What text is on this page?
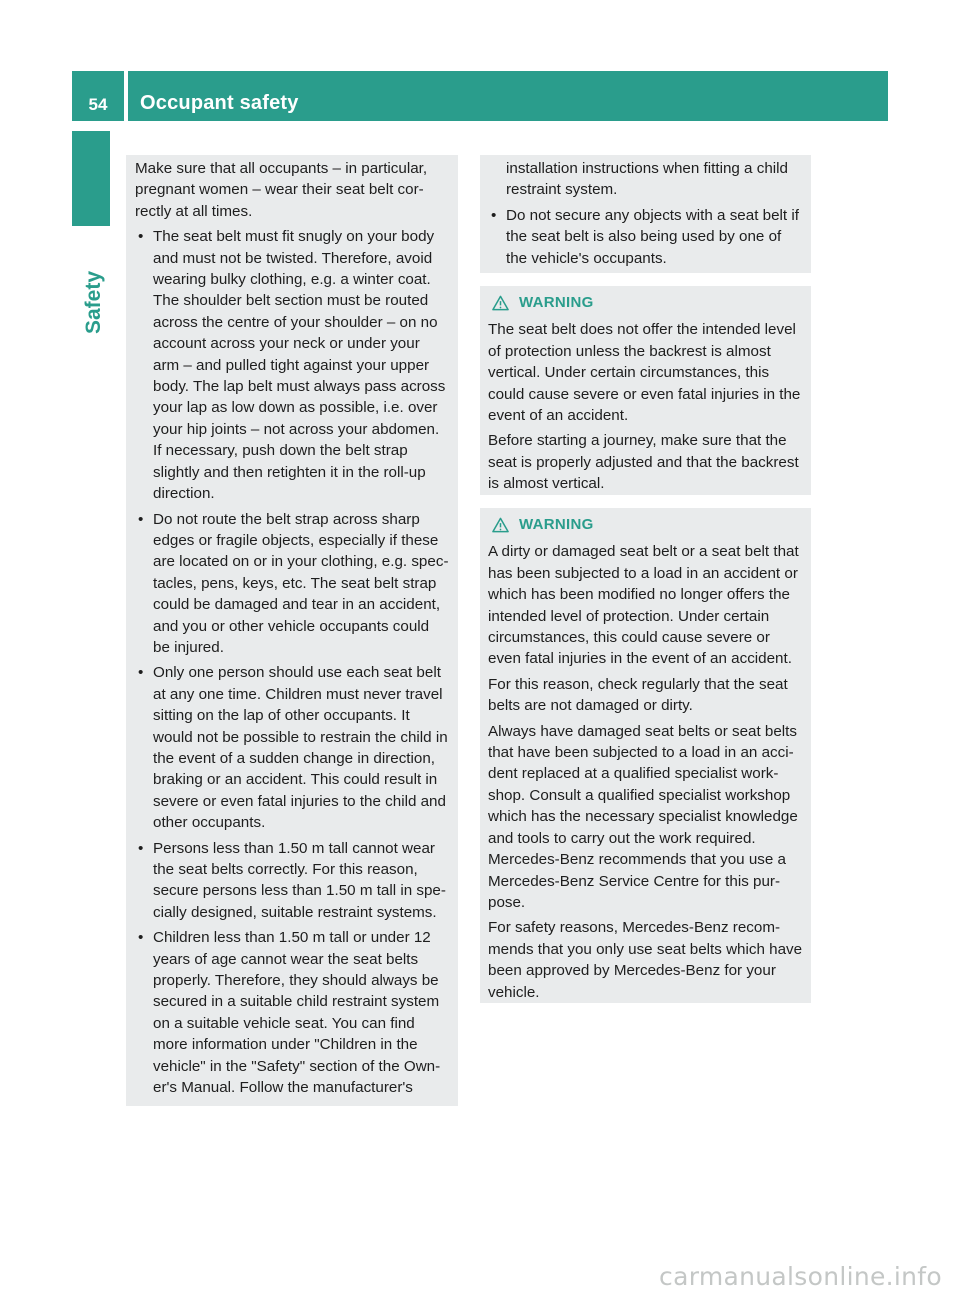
54	Occupant safety
Safety

Make sure that all occupants – in particular, pregnant women – wear their seat belt correctly at all times.

• The seat belt must fit snugly on your body and must not be twisted. Therefore, avoid wearing bulky clothing, e.g. a winter coat. The shoulder belt section must be routed across the centre of your shoulder – on no account across your neck or under your arm – and pulled tight against your upper body. The lap belt must always pass across your lap as low down as possible, i.e. over your hip joints – not across your abdomen. If necessary, push down the belt strap slightly and then retighten it in the roll-up direction.
• Do not route the belt strap across sharp edges or fragile objects, especially if these are located on or in your clothing, e.g. spectacles, pens, keys, etc. The seat belt strap could be damaged and tear in an accident, and you or other vehicle occupants could be injured.
• Only one person should use each seat belt at any one time. Children must never travel sitting on the lap of other occupants. It would not be possible to restrain the child in the event of a sudden change in direction, braking or an accident. This could result in severe or even fatal injuries to the child and other occupants.
• Persons less than 1.50 m tall cannot wear the seat belts correctly. For this reason, secure persons less than 1.50 m tall in specially designed, suitable restraint systems.
• Children less than 1.50 m tall or under 12 years of age cannot wear the seat belts properly. Therefore, they should always be secured in a suitable child restraint system on a suitable vehicle seat. You can find more information under "Children in the vehicle" in the "Safety" section of the Owner's Manual. Follow the manufacturer's
installation instructions when fitting a child restraint system.
• Do not secure any objects with a seat belt if the seat belt is also being used by one of the vehicle's occupants.
WARNING

The seat belt does not offer the intended level of protection unless the backrest is almost vertical. Under certain circumstances, this could cause severe or even fatal injuries in the event of an accident.

Before starting a journey, make sure that the seat is properly adjusted and that the backrest is almost vertical.

WARNING

A dirty or damaged seat belt or a seat belt that has been subjected to a load in an accident or which has been modified no longer offers the intended level of protection. Under certain circumstances, this could cause severe or even fatal injuries in the event of an accident.

For this reason, check regularly that the seat belts are not damaged or dirty.

Always have damaged seat belts or seat belts that have been subjected to a load in an accident replaced at a qualified specialist workshop. Consult a qualified specialist workshop which has the necessary specialist knowledge and tools to carry out the work required. Mercedes-Benz recommends that you use a Mercedes-Benz Service Centre for this purpose.

For safety reasons, Mercedes-Benz recommends that you only use seat belts which have been approved by Mercedes-Benz for your vehicle.

carmanualsonline.info
